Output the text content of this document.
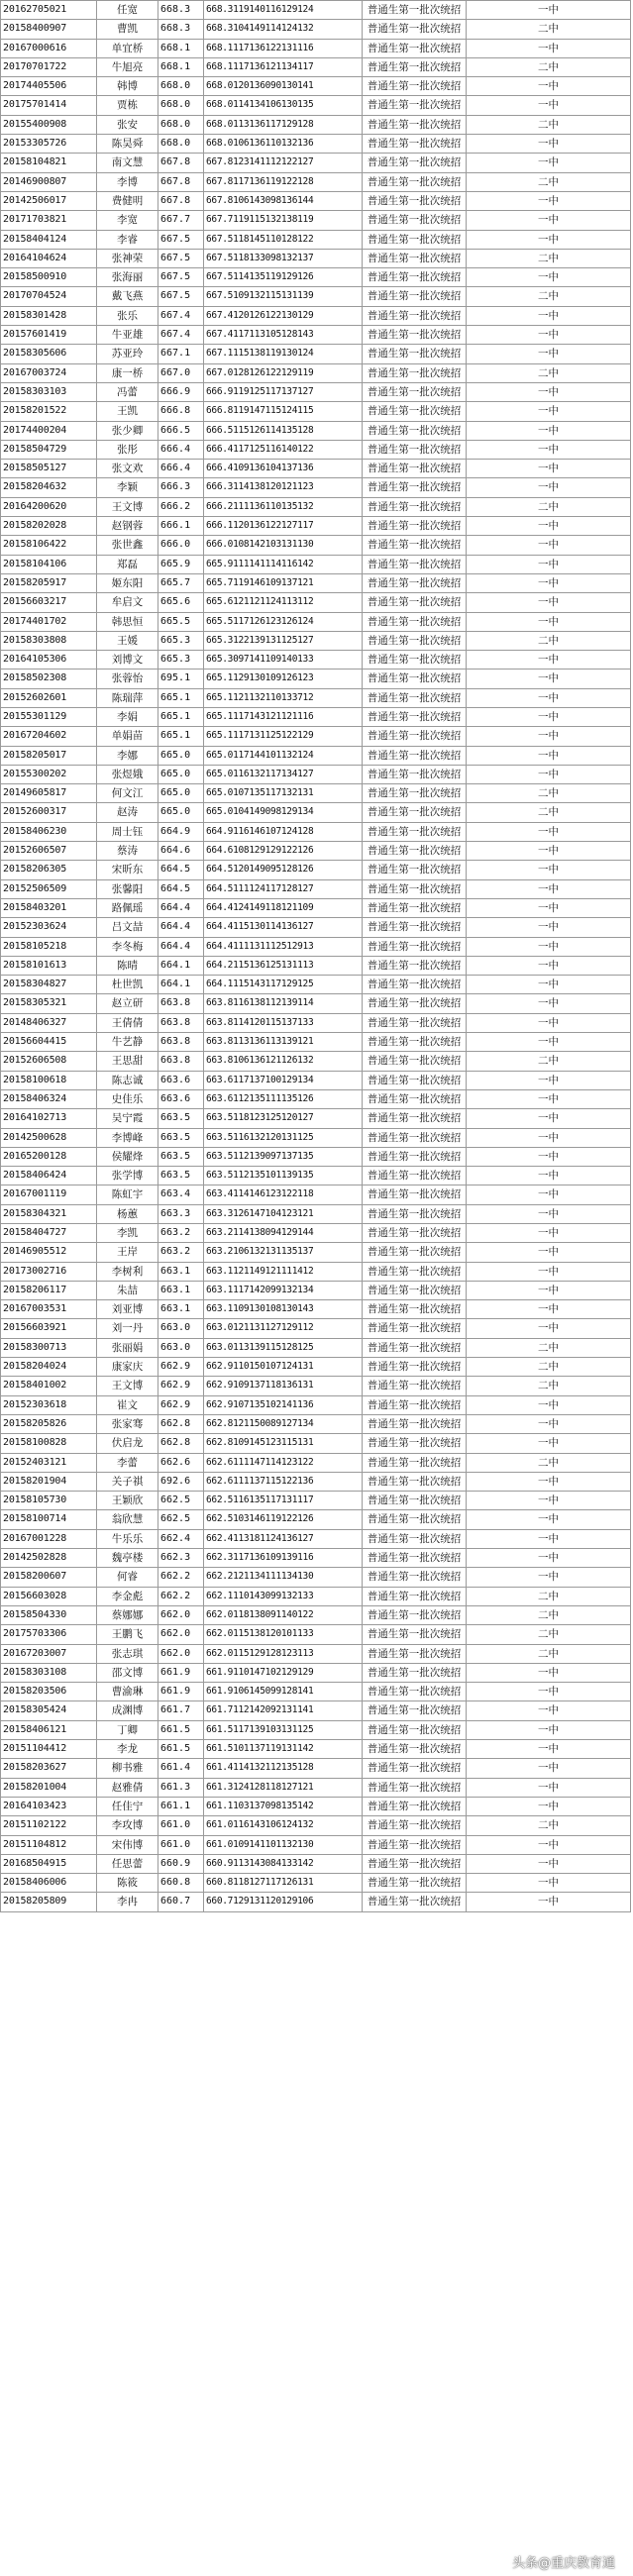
20162705021	任宽	668.3	668.3119140116129124	普通生第一批次统招	一中
20158400907	曹凯	668.3	668.3104149114124132	普通生第一批次统招	二中
20167000616	单宜桥	668.1	668.1117136122131116	普通生第一批次统招	一中
20170701722	牛旭亮	668.1	668.1117136121134117	普通生第一批次统招	二中
20174405506	韩博	668.0	668.0120136090130141	普通生第一批次统招	一中
20175701414	贾栋	668.0	668.0114134106130135	普通生第一批次统招	一中
20155400908	张安	668.0	668.0113136117129128	普通生第一批次统招	二中
20153305726	陈昊舜	668.0	668.0106136110132136	普通生第一批次统招	一中
20158104821	南文慧	667.8	667.8123141112122127	普通生第一批次统招	一中
20146900807	李博	667.8	667.8117136119122128	普通生第一批次统招	二中
20142506017	费健明	667.8	667.8106143098136144	普通生第一批次统招	一中
20171703821	李宽	667.7	667.7119115132138119	普通生第一批次统招	一中
20158404124	李睿	667.5	667.5118145110128122	普通生第一批次统招	一中
20164104624	张神荣	667.5	667.5118133098132137	普通生第一批次统招	二中
20158500910	张海丽	667.5	667.5114135119129126	普通生第一批次统招	一中
20170704524	戴飞燕	667.5	667.5109132115131139	普通生第一批次统招	二中
20158301428	张乐	667.4	667.4120126122130129	普通生第一批次统招	一中
20157601419	牛亚雄	667.4	667.4117113105128143	普通生第一批次统招	一中
20158305606	苏亚玲	667.1	667.1115138119130124	普通生第一批次统招	一中
20167003724	康一桥	667.0	667.0128126122129119	普通生第一批次统招	二中
20158303103	冯蕾	666.9	666.9119125117137127	普通生第一批次统招	一中
20158201522	王凯	666.8	666.8119147115124115	普通生第一批次统招	一中
20174400204	张少卿	666.5	666.5115126114135128	普通生第一批次统招	一中
20158504729	张彤	666.4	666.4117125116140122	普通生第一批次统招	一中
20158505127	张文欢	666.4	666.4109136104137136	普通生第一批次统招	一中
20158204632	李颖	666.3	666.3114138120121123	普通生第一批次统招	一中
20164200620	王文博	666.2	666.2111136110135132	普通生第一批次统招	二中
20158202028	赵钢蓉	666.1	666.1120136122127117	普通生第一批次统招	一中
20158106422	张世鑫	666.0	666.0108142103131130	普通生第一批次统招	一中
20158104106	郑磊	665.9	665.9111141114116142	普通生第一批次统招	一中
20158205917	姬东阳	665.7	665.7119146109137121	普通生第一批次统招	一中
20156603217	牟启文	665.6	665.6121121124113112	普通生第一批次统招	一中
20174401702	韩思恒	665.5	665.5117126123126124	普通生第一批次统招	一中
20158303808	王媛	665.3	665.3122139131125127	普通生第一批次统招	二中
20164105306	刘博文	665.3	665.3097141109140133	普通生第一批次统招	一中
20158502308	张蓉怡	695.1	665.1129130109126123	普通生第一批次统招	一中
20152602601	陈瑞萍	665.1	665.1121132110133712	普通生第一批次统招	一中
20155301129	李娟	665.1	665.1117143121121116	普通生第一批次统招	一中
20167204602	单娟苗	665.1	665.1117131125122129	普通生第一批次统招	一中
20158205017	李娜	665.0	665.0117144101132124	普通生第一批次统招	一中
20155300202	张煜娥	665.0	665.0116132117134127	普通生第一批次统招	一中
20149605817	何文江	665.0	665.0107135117132131	普通生第一批次统招	二中
20152600317	赵涛	665.0	665.0104149098129134	普通生第一批次统招	二中
20158406230	周士钰	664.9	664.9116146107124128	普通生第一批次统招	一中
20152606507	蔡涛	664.6	664.6108129129122126	普通生第一批次统招	一中
20158206305	宋昕东	664.5	664.5120149095128126	普通生第一批次统招	一中
20152506509	张馨阳	664.5	664.5111124117128127	普通生第一批次统招	一中
20158403201	路佩瑶	664.4	664.4124149118121109	普通生第一批次统招	一中
20152303624	吕文喆	664.4	664.4115130114136127	普通生第一批次统招	一中
20158105218	李冬梅	664.4	664.4111131112512913	普通生第一批次统招	一中
20158101613	陈晴	664.1	664.2115136125131113	普通生第一批次统招	一中
20158304827	杜世凯	664.1	664.1115143117129125	普通生第一批次统招	一中
20158305321	赵立研	663.8	663.8116138112139114	普通生第一批次统招	一中
20148406327	王倩倩	663.8	663.8114120115137133	普通生第一批次统招	一中
20156604415	牛艺静	663.8	663.8113136113139121	普通生第一批次统招	一中
20152606508	王思甜	663.8	663.8106136121126132	普通生第一批次统招	二中
20158100618	陈志诚	663.6	663.6117137100129134	普通生第一批次统招	一中
20158406324	史佳乐	663.6	663.6112135111135126	普通生第一批次统招	一中
20164102713	吴宁霞	663.5	663.5118123125120127	普通生第一批次统招	一中
20142500628	李博峰	663.5	663.5116132120131125	普通生第一批次统招	一中
20165200128	侯耀烽	663.5	663.5112139097137135	普通生第一批次统招	一中
20158406424	张学博	663.5	663.5112135101139135	普通生第一批次统招	一中
20167001119	陈虹宇	663.4	663.4114146123122118	普通生第一批次统招	一中
20158304321	杨蕙	663.3	663.3126147104123121	普通生第一批次统招	一中
20158404727	李凯	663.2	663.2114138094129144	普通生第一批次统招	一中
20146905512	王岸	663.2	663.2106132131135137	普通生第一批次统招	一中
20173002716	李树利	663.1	663.1121149121111412	普通生第一批次统招	一中
20158206117	朱喆	663.1	663.1117142099132134	普通生第一批次统招	一中
20167003531	刘亚博	663.1	663.1109130108130143	普通生第一批次统招	一中
20156603921	刘一丹	663.0	663.0121131127129112	普通生第一批次统招	一中
20158300713	张丽娟	663.0	663.0113139115128125	普通生第一批次统招	二中
20158204024	康家庆	662.9	662.9110150107124131	普通生第一批次统招	二中
20158401002	王文博	662.9	662.9109137118136131	普通生第一批次统招	二中
20152303618	崔文	662.9	662.9107135102141136	普通生第一批次统招	一中
20158205826	张家骞	662.8	662.8121150089127134	普通生第一批次统招	一中
20158100828	伏启龙	662.8	662.8109145123115131	普通生第一批次统招	一中
20152403121	李蕾	662.6	662.6111147114123122	普通生第一批次统招	二中
20158201904	关子祺	692.6	662.6111137115122136	普通生第一批次统招	一中
20158105730	王颖欣	662.5	662.5116135117131117	普通生第一批次统招	一中
20158100714	翁欣慧	662.5	662.5103146119122126	普通生第一批次统招	一中
20167001228	牛乐乐	662.4	662.4113181124136127	普通生第一批次统招	一中
20142502828	魏亭楼	662.3	662.3117136109139116	普通生第一批次统招	一中
20158200607	何睿	662.2	662.2121134111134130	普通生第一批次统招	一中
20156603028	李金彪	662.2	662.1110143099132133	普通生第一批次统招	二中
20158504330	蔡娜娜	662.0	662.0118138091140122	普通生第一批次统招	二中
20175703306	王鹏飞	662.0	662.0115138120101133	普通生第一批次统招	二中
20167203007	张志琪	662.0	662.0115129128123113	普通生第一批次统招	二中
20158303108	邵文博	661.9	661.9110147102129129	普通生第一批次统招	一中
20158203506	曹渝琳	661.9	661.9106145099128141	普通生第一批次统招	一中
20158305424	成渊博	661.7	661.7112142092131141	普通生第一批次统招	一中
20158406121	丁卿	661.5	661.5117139103131125	普通生第一批次统招	一中
20151104412	李龙	661.5	661.5101137119131142	普通生第一批次统招	一中
20158203627	柳书雅	661.4	661.4114132112135128	普通生第一批次统招	一中
20158201004	赵雅倩	661.3	661.3124128118127121	普通生第一批次统招	一中
20164103423	任佳宁	661.1	661.1103137098135142	普通生第一批次统招	一中
20151102122	李攻博	661.0	661.0116143106124132	普通生第一批次统招	二中
20151104812	宋伟博	661.0	661.0109141101132130	普通生第一批次统招	一中
20168504915	任思蕾	660.9	660.9113143084133142	普通生第一批次统招	一中
20158406006	陈筱	660.8	660.8118127117126131	普通生第一批次统招	一中
20158205809	李冉	660.7	660.7129131120129106	普通生第一批次统招	一中
头条@重庆教育通
